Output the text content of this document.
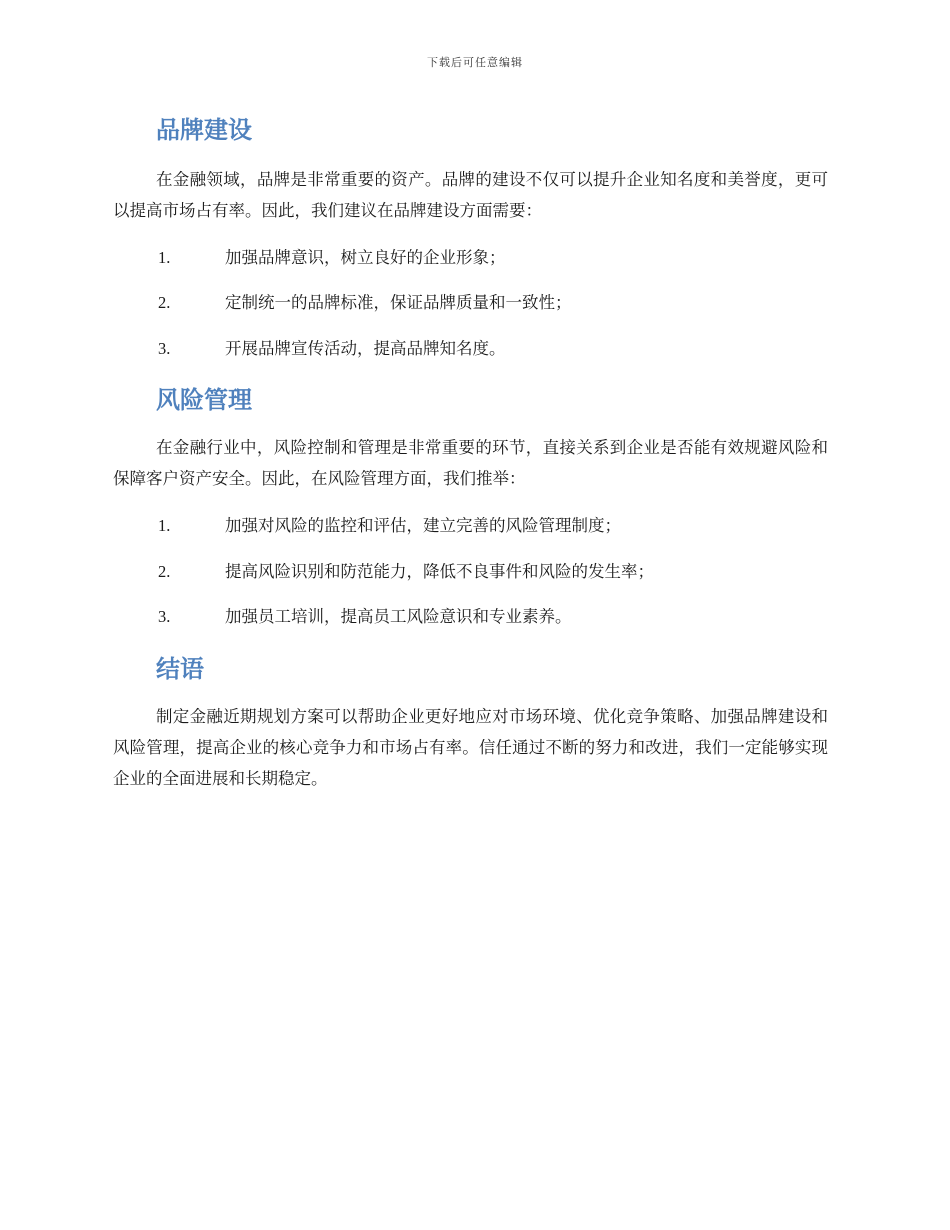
下载后可任意编辑
品牌建设

在金融领域，品牌是非常重要的资产。品牌的建设不仅可以提升企业知名度和美誉度，更可以提高市场占有率。因此，我们建议在品牌建设方面需要：

1.	加强品牌意识，树立良好的企业形象；
2.	定制统一的品牌标准，保证品牌质量和一致性；
3.	开展品牌宣传活动，提高品牌知名度。
风险管理

在金融行业中，风险控制和管理是非常重要的环节，直接关系到企业是否能有效规避风险和保障客户资产安全。因此，在风险管理方面，我们推举：

1.	加强对风险的监控和评估，建立完善的风险管理制度；
2.	提高风险识别和防范能力，降低不良事件和风险的发生率；
3.	加强员工培训，提高员工风险意识和专业素养。
结语

制定金融近期规划方案可以帮助企业更好地应对市场环境、优化竞争策略、加强品牌建设和风险管理，提高企业的核心竞争力和市场占有率。信任通过不断的努力和改进，我们一定能够实现企业的全面进展和长期稳定。
